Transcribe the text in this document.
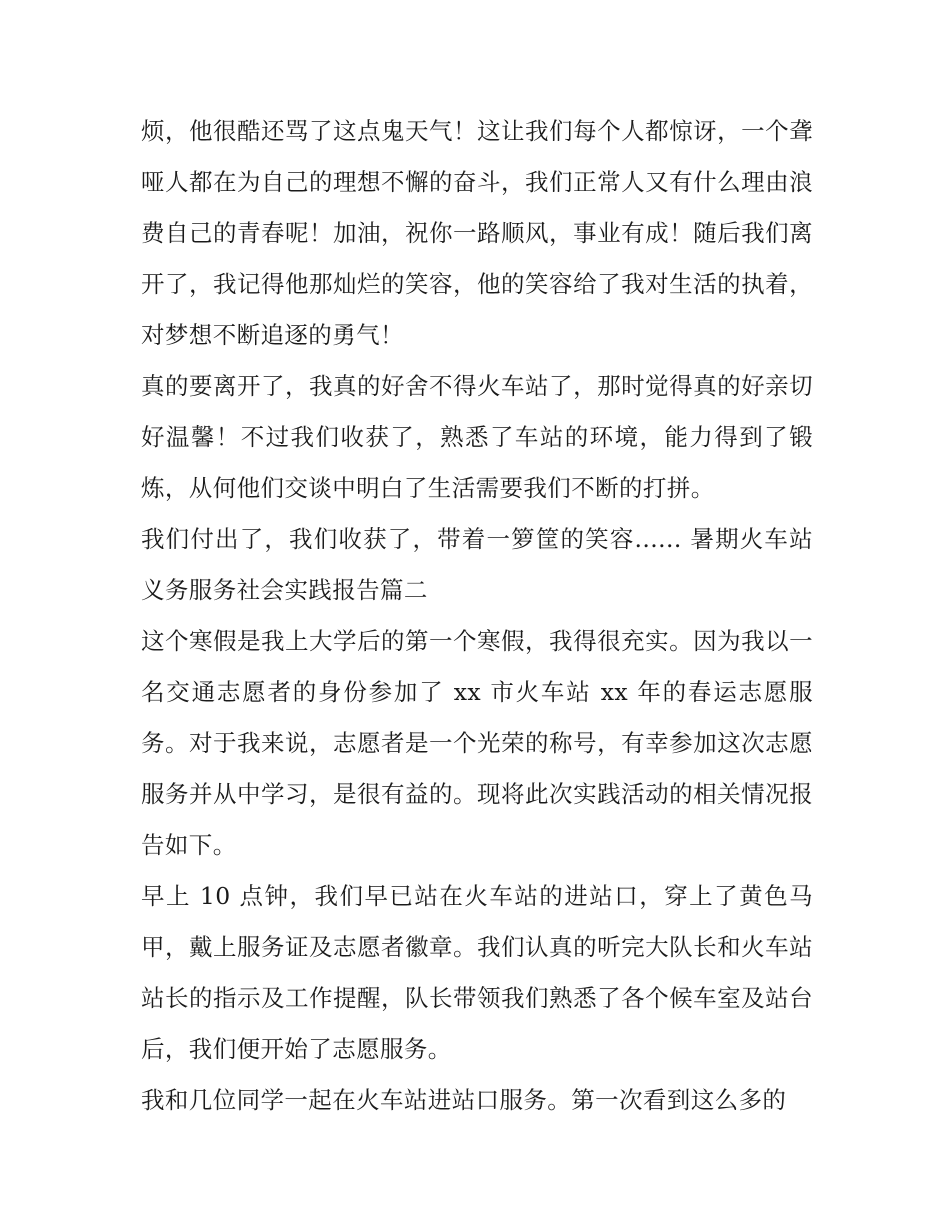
烦，他很酷还骂了这点鬼天气！这让我们每个人都惊讶，一个聋哑人都在为自己的理想不懈的奋斗，我们正常人又有什么理由浪费自己的青春呢！加油，祝你一路顺风，事业有成！随后我们离开了，我记得他那灿烂的笑容，他的笑容给了我对生活的执着，对梦想不断追逐的勇气！

真的要离开了，我真的好舍不得火车站了，那时觉得真的好亲切好温馨！不过我们收获了，熟悉了车站的环境，能力得到了锻炼，从何他们交谈中明白了生活需要我们不断的打拼。

我们付出了，我们收获了，带着一箩筐的笑容...... 暑期火车站义务服务社会实践报告篇二

这个寒假是我上大学后的第一个寒假，我得很充实。因为我以一名交通志愿者的身份参加了 xx 市火车站 xx 年的春运志愿服务。对于我来说，志愿者是一个光荣的称号，有幸参加这次志愿服务并从中学习，是很有益的。现将此次实践活动的相关情况报告如下。

早上 10 点钟，我们早已站在火车站的进站口，穿上了黄色马甲，戴上服务证及志愿者徽章。我们认真的听完大队长和火车站站长的指示及工作提醒，队长带领我们熟悉了各个候车室及站台后，我们便开始了志愿服务。

我和几位同学一起在火车站进站口服务。第一次看到这么多的
